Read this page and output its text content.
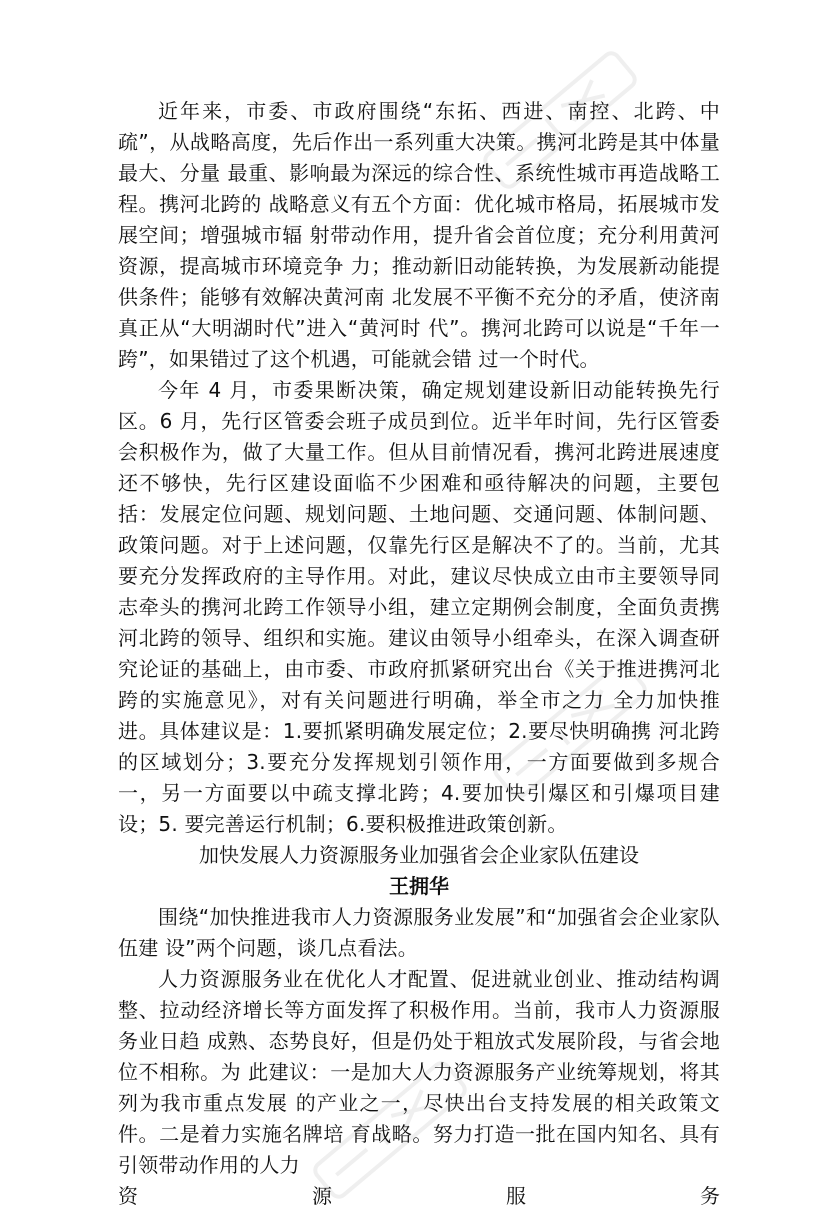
近年来，市委、市政府围绕“东拓、西进、南控、北跨、中疏”，从战略高度，先后作出一系列重大决策。携河北跨是其中体量最大、分量 最重、影响最为深远的综合性、系统性城市再造战略工程。携河北跨的 战略意义有五个方面：优化城市格局，拓展城市发展空间；增强城市辐 射带动作用，提升省会首位度；充分利用黄河资源，提高城市环境竞争 力；推动新旧动能转换，为发展新动能提供条件；能够有效解决黄河南 北发展不平衡不充分的矛盾，使济南真正从“大明湖时代”进入“黄河时 代”。携河北跨可以说是“千年一跨”，如果错过了这个机遇，可能就会错 过一个时代。

今年 4 月，市委果断决策，确定规划建设新旧动能转换先行区。6 月，先行区管委会班子成员到位。近半年时间，先行区管委会积极作为，做了大量工作。但从目前情况看，携河北跨进展速度还不够快，先行区建设面临不少困难和亟待解决的问题，主要包括：发展定位问题、规划问题、土地问题、交通问题、体制问题、政策问题。对于上述问题，仅靠先行区是解决不了的。当前，尤其要充分发挥政府的主导作用。对此，建议尽快成立由市主要领导同志牵头的携河北跨工作领导小组，建立定期例会制度，全面负责携河北跨的领导、组织和实施。建议由领导小组牵头，在深入调查研究论证的基础上，由市委、市政府抓紧研究出台《关于推进携河北跨的实施意见》，对有关问题进行明确，举全市之力 全力加快推进。具体建议是：1.要抓紧明确发展定位；2.要尽快明确携 河北跨的区域划分；3.要充分发挥规划引领作用，一方面要做到多规合 一，另一方面要以中疏支撑北跨；4.要加快引爆区和引爆项目建设；5. 要完善运行机制；6.要积极推进政策创新。

加快发展人力资源服务业加强省会企业家队伍建设
王拥华

围绕“加快推进我市人力资源服务业发展”和“加强省会企业家队伍建 设”两个问题，谈几点看法。

人力资源服务业在优化人才配置、促进就业创业、推动结构调整、拉动经济增长等方面发挥了积极作用。当前，我市人力资源服务业日趋 成熟、态势良好，但是仍处于粗放式发展阶段，与省会地位不相称。为 此建议：一是加大人力资源服务产业统筹规划，将其列为我市重点发展 的产业之一，尽快出台支持发展的相关政策文件。二是着力实施名牌培 育战略。努力打造一批在国内知名、具有引领带动作用的人力

资	源	服	务
